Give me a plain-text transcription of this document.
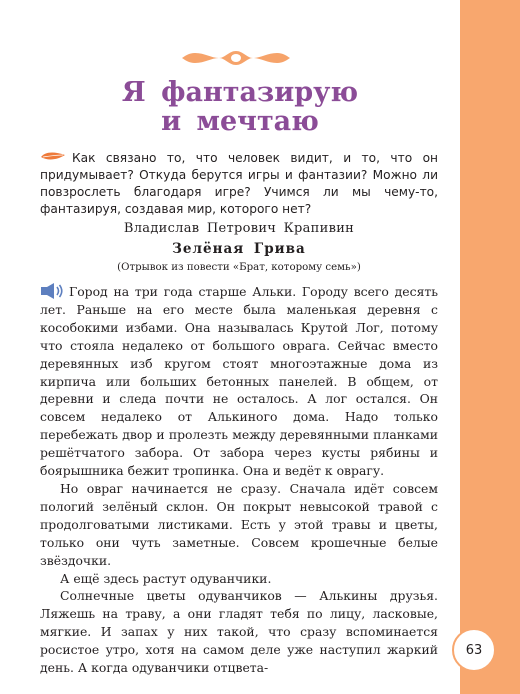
63
Я фантазирую
и мечтаю

Как связано то, что человек видит, и то, что он придумывает? Откуда берутся игры и фантазии? Можно ли повзрослеть благодаря игре? Учимся ли мы чему-то, фантазируя, создавая мир, которого нет?

Владислав Петрович Крапивин

Зелёная Грива

(Отрывок из повести «Брат, которому семь»)

Город на три года старше Альки. Городу всего десять лет. Раньше на его месте была маленькая деревня с кособокими избами. Она называлась Крутой Лог, потому что стояла недалеко от большого оврага. Сейчас вместо деревянных изб кругом стоят многоэтажные дома из кирпича или больших бетонных панелей. В общем, от деревни и следа почти не осталось. А лог остался. Он совсем недалеко от Алькиного дома. Надо только перебежать двор и пролезть между деревянными планками решётчатого забора. От забора через кусты рябины и боярышника бежит тропинка. Она и ведёт к оврагу.

Но овраг начинается не сразу. Сначала идёт совсем пологий зелёный склон. Он покрыт невысокой травой с продолговатыми листиками. Есть у этой травы и цветы, только они чуть заметные. Совсем крошечные белые звёздочки.

А ещё здесь растут одуванчики.

Солнечные цветы одуванчиков — Алькины друзья. Ляжешь на траву, а они гладят тебя по лицу, ласковые, мягкие. И запах у них такой, что сразу вспоминается росистое утро, хотя на самом деле уже наступил жаркий день. А когда одуванчики отцвета-
